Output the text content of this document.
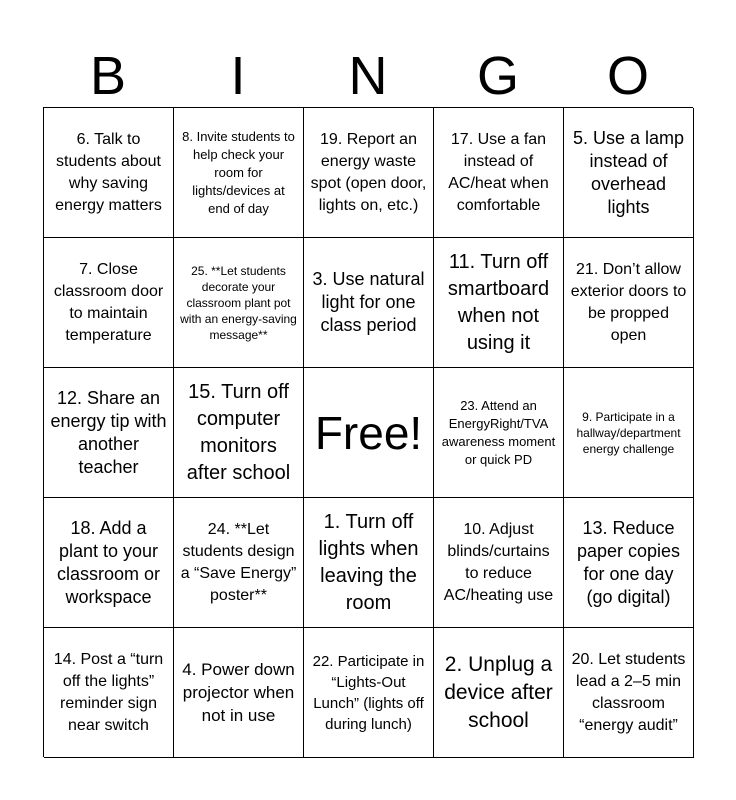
B	I	N	G	O
6. Talk to students about why saving energy matters
8. Invite students to help check your room for lights/devices at end of day
19. Report an energy waste spot (open door, lights on, etc.)
17. Use a fan instead of AC/heat when comfortable
5. Use a lamp instead of overhead lights
7. Close classroom door to maintain temperature
25. **Let students decorate your classroom plant pot with an energy-saving message**
3. Use natural light for one class period
11. Turn off smartboard when not using it
21. Don’t allow exterior doors to be propped open
12. Share an energy tip with another teacher
15. Turn off computer monitors after school
Free!
23. Attend an EnergyRight/TVA awareness moment or quick PD
9. Participate in a hallway/department energy challenge
18. Add a plant to your classroom or workspace
24. **Let students design a “Save Energy” poster**
1. Turn off lights when leaving the room
10. Adjust blinds/curtains to reduce AC/heating use
13. Reduce paper copies for one day (go digital)
14. Post a “turn off the lights” reminder sign near switch
4. Power down projector when not in use
22. Participate in “Lights-Out Lunch” (lights off during lunch)
2. Unplug a device after school
20. Let students lead a 2–5 min classroom “energy audit”
